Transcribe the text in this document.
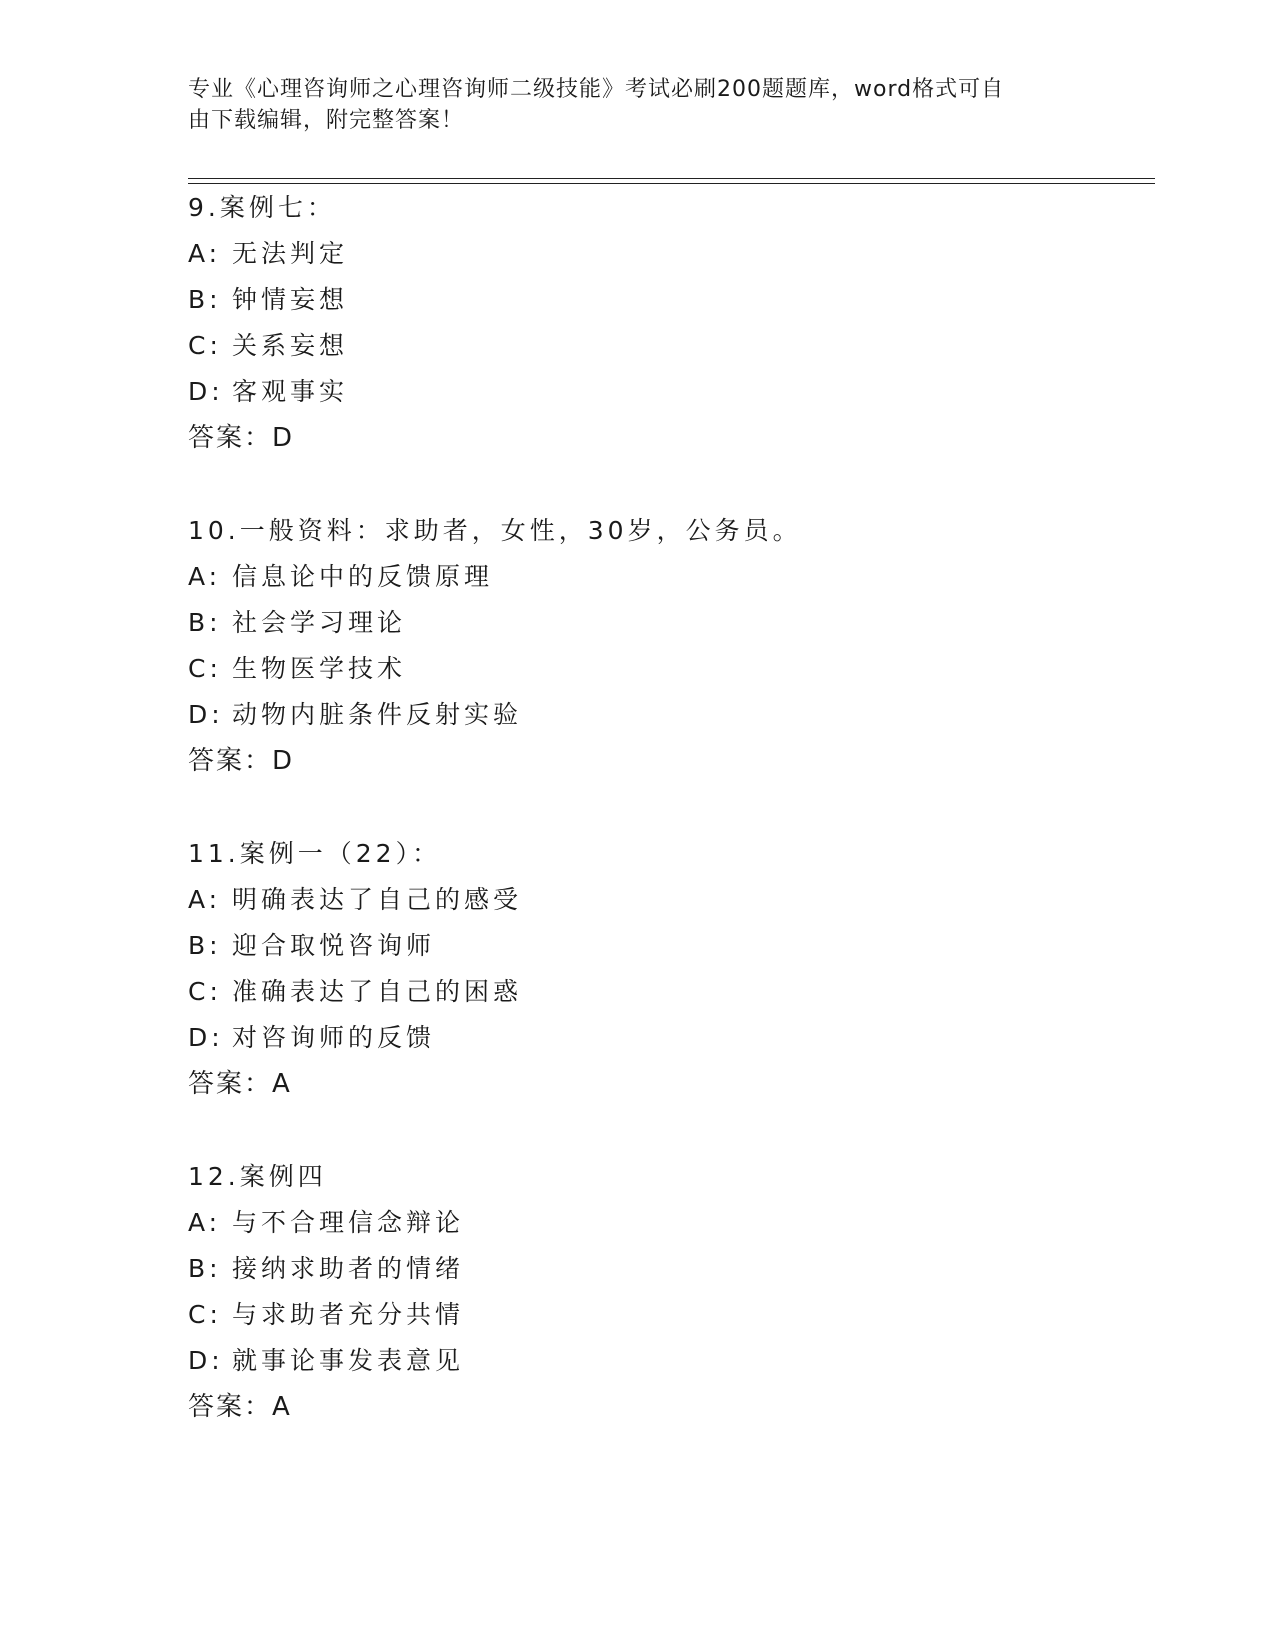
专业《心理咨询师之心理咨询师二级技能》考试必刷200题题库，word格式可自
由下载编辑，附完整答案！
9.案例七：
A: 无法判定
B: 钟情妄想
C: 关系妄想
D: 客观事实
答案：D
10.一般资料：求助者，女性，30岁，公务员。
A: 信息论中的反馈原理
B: 社会学习理论
C: 生物医学技术
D: 动物内脏条件反射实验
答案：D
11.案例一（22）：
A: 明确表达了自己的感受
B: 迎合取悦咨询师
C: 准确表达了自己的困惑
D: 对咨询师的反馈
答案：A
12.案例四
A: 与不合理信念辩论
B: 接纳求助者的情绪
C: 与求助者充分共情
D: 就事论事发表意见
答案：A
